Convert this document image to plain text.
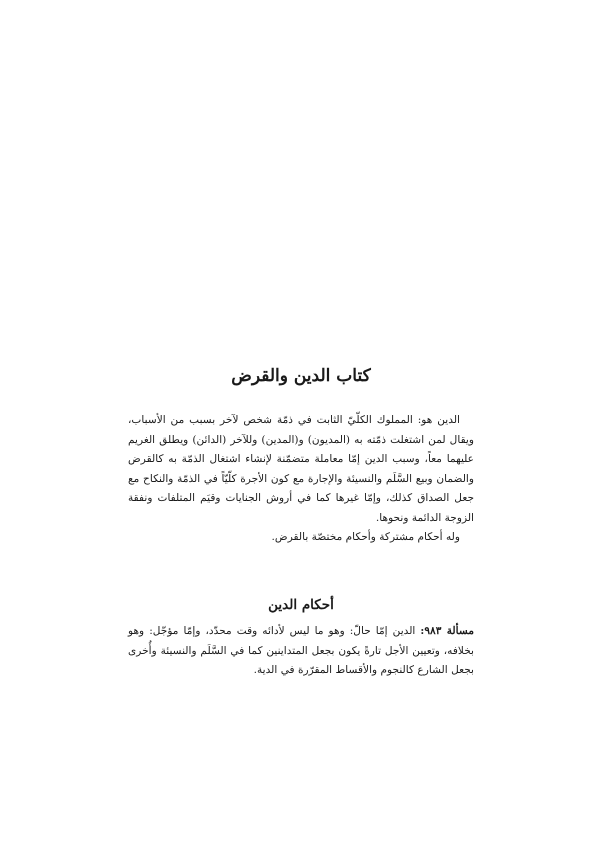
كتاب الدين والقرض

الدين هو: المملوك الكلّيّ الثابت في ذمّة شخص لآخر بسبب من الأسباب، ويقال لمن اشتغلت ذمّته به (المديون) و(المدين) وللآخر (الدائن) ويطلق الغريم عليهما معاً، وسبب الدين إمّا معاملة متضمّنة لإنشاء اشتغال الذمّة به كالقرض والضمان وبيع السَّلَم والنسيئة والإجارة مع كون الأجرة كلّيّاً في الذمّة والنكاح مع جعل الصداق كذلك، وإمّا غيرها كما في أروش الجنايات وقيَم المتلفات ونفقة الزوجة الدائمة ونحوها.

وله أحكام مشتركة وأحكام مختصّة بالقرض.

أحكام الدين

مسألة ٩٨٣: الدين إمّا حالّ: وهو ما ليس لأدائه وقت محدّد، وإمّا مؤجّل: وهو بخلافه، وتعيين الأجل تارةً يكون بجعل المتداينين كما في السَّلَم والنسيئة وأُخرى بجعل الشارع كالنجوم والأقساط المقرّرة في الدية.
